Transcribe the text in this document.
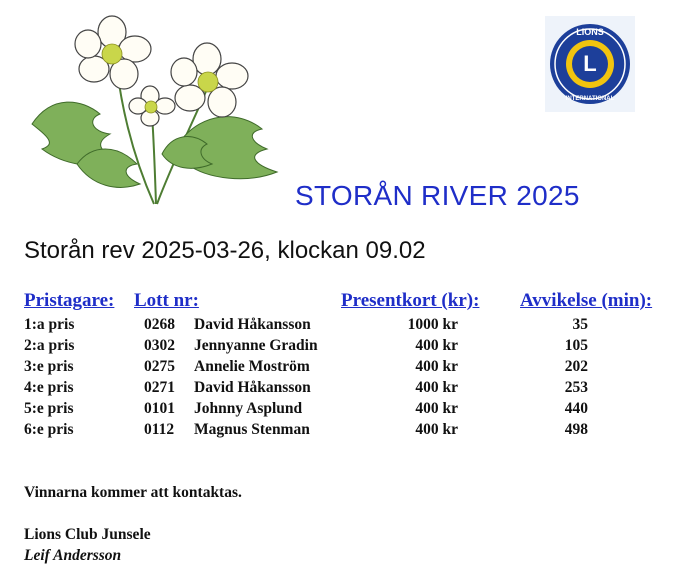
LIONS
L
INTERNATIONAL
STORÅN RIVER 2025
Storån rev 2025-03-26, klockan 09.02
Pristagare: Lott nr:	Presentkort (kr): Avvikelse (min):
1:a pris	0268 David Håkansson	1000 kr	35
2:a pris	0302 Jennyanne Gradin	400 kr	105
3:e pris	0275 Annelie Moström	400 kr	202
4:e pris	0271 David Håkansson	400 kr	253
5:e pris	0101 Johnny Asplund	400 kr	440
6:e pris	0112 Magnus Stenman	400 kr	498

Vinnarna kommer att kontaktas.

Lions Club Junsele

Leif Andersson
